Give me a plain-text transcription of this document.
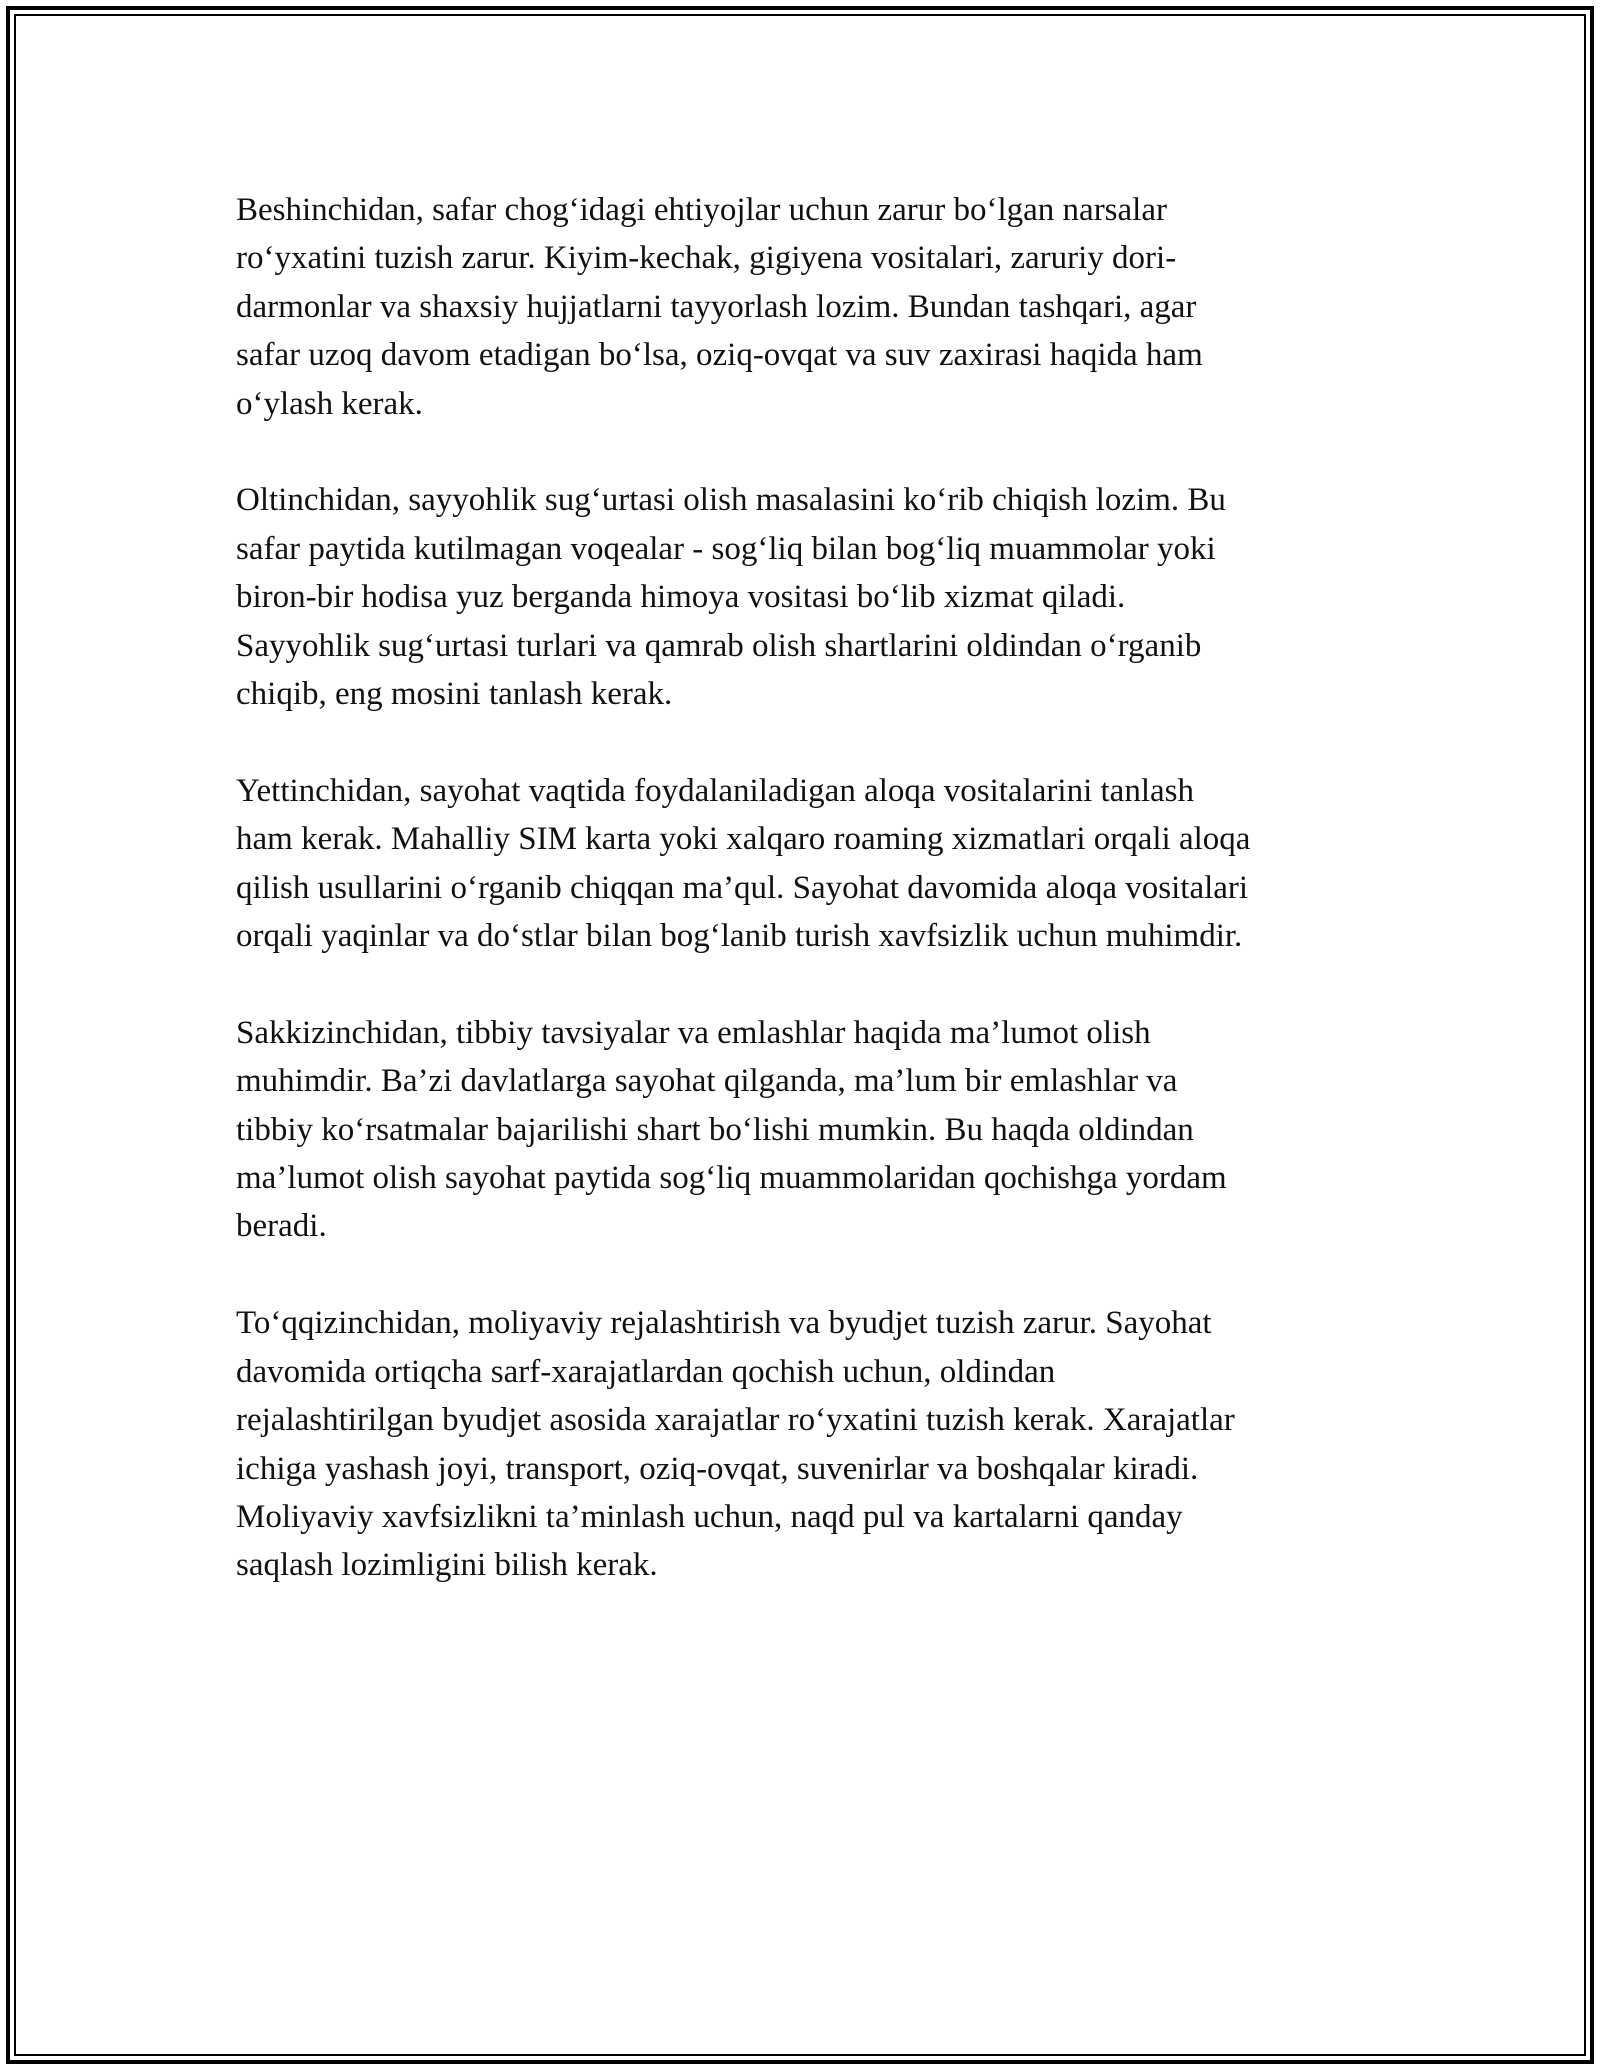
Beshinchidan, safar chog‘idagi ehtiyojlar uchun zarur bo‘lgan narsalar
ro‘yxatini tuzish zarur. Kiyim-kechak, gigiyena vositalari, zaruriy dori-
darmonlar va shaxsiy hujjatlarni tayyorlash lozim. Bundan tashqari, agar
safar uzoq davom etadigan bo‘lsa, oziq-ovqat va suv zaxirasi haqida ham
o‘ylash kerak.

Oltinchidan, sayyohlik sug‘urtasi olish masalasini ko‘rib chiqish lozim. Bu
safar paytida kutilmagan voqealar - sog‘liq bilan bog‘liq muammolar yoki
biron-bir hodisa yuz berganda himoya vositasi bo‘lib xizmat qiladi.
Sayyohlik sug‘urtasi turlari va qamrab olish shartlarini oldindan o‘rganib
chiqib, eng mosini tanlash kerak.

Yettinchidan, sayohat vaqtida foydalaniladigan aloqa vositalarini tanlash
ham kerak. Mahalliy SIM karta yoki xalqaro roaming xizmatlari orqali aloqa
qilish usullarini o‘rganib chiqqan ma’qul. Sayohat davomida aloqa vositalari
orqali yaqinlar va do‘stlar bilan bog‘lanib turish xavfsizlik uchun muhimdir.

Sakkizinchidan, tibbiy tavsiyalar va emlashlar haqida ma’lumot olish
muhimdir. Ba’zi davlatlarga sayohat qilganda, ma’lum bir emlashlar va
tibbiy ko‘rsatmalar bajarilishi shart bo‘lishi mumkin. Bu haqda oldindan
ma’lumot olish sayohat paytida sog‘liq muammolaridan qochishga yordam
beradi.

To‘qqizinchidan, moliyaviy rejalashtirish va byudjet tuzish zarur. Sayohat
davomida ortiqcha sarf-xarajatlardan qochish uchun, oldindan
rejalashtirilgan byudjet asosida xarajatlar ro‘yxatini tuzish kerak. Xarajatlar
ichiga yashash joyi, transport, oziq-ovqat, suvenirlar va boshqalar kiradi.
Moliyaviy xavfsizlikni ta’minlash uchun, naqd pul va kartalarni qanday
saqlash lozimligini bilish kerak.
